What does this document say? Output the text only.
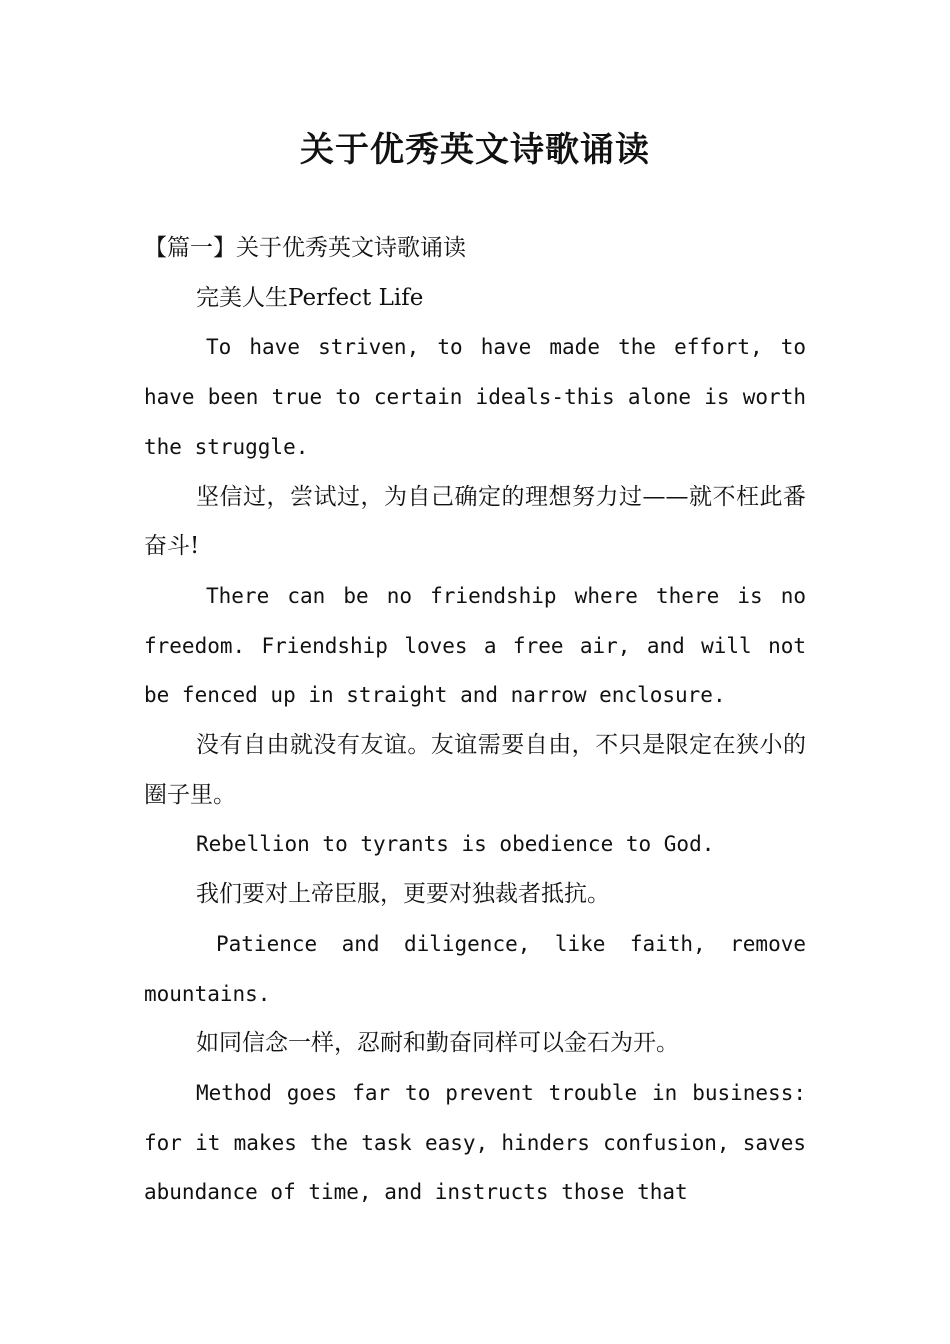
关于优秀英文诗歌诵读

【篇一】关于优秀英文诗歌诵读

完美人生Perfect Life

To have striven, to have made the effort, to have been true to certain ideals-this alone is worth the struggle.

坚信过，尝试过，为自己确定的理想努力过——就不枉此番奋斗!

There can be no friendship where there is no freedom. Friendship loves a free air, and will not be fenced up in straight and narrow enclosure.

没有自由就没有友谊。友谊需要自由，不只是限定在狭小的圈子里。

Rebellion to tyrants is obedience to God.

我们要对上帝臣服，更要对独裁者抵抗。

Patience and diligence, like faith, remove mountains.

如同信念一样，忍耐和勤奋同样可以金石为开。

Method goes far to prevent trouble in business: for it makes the task easy, hinders confusion, saves abundance of time, and instructs those that
